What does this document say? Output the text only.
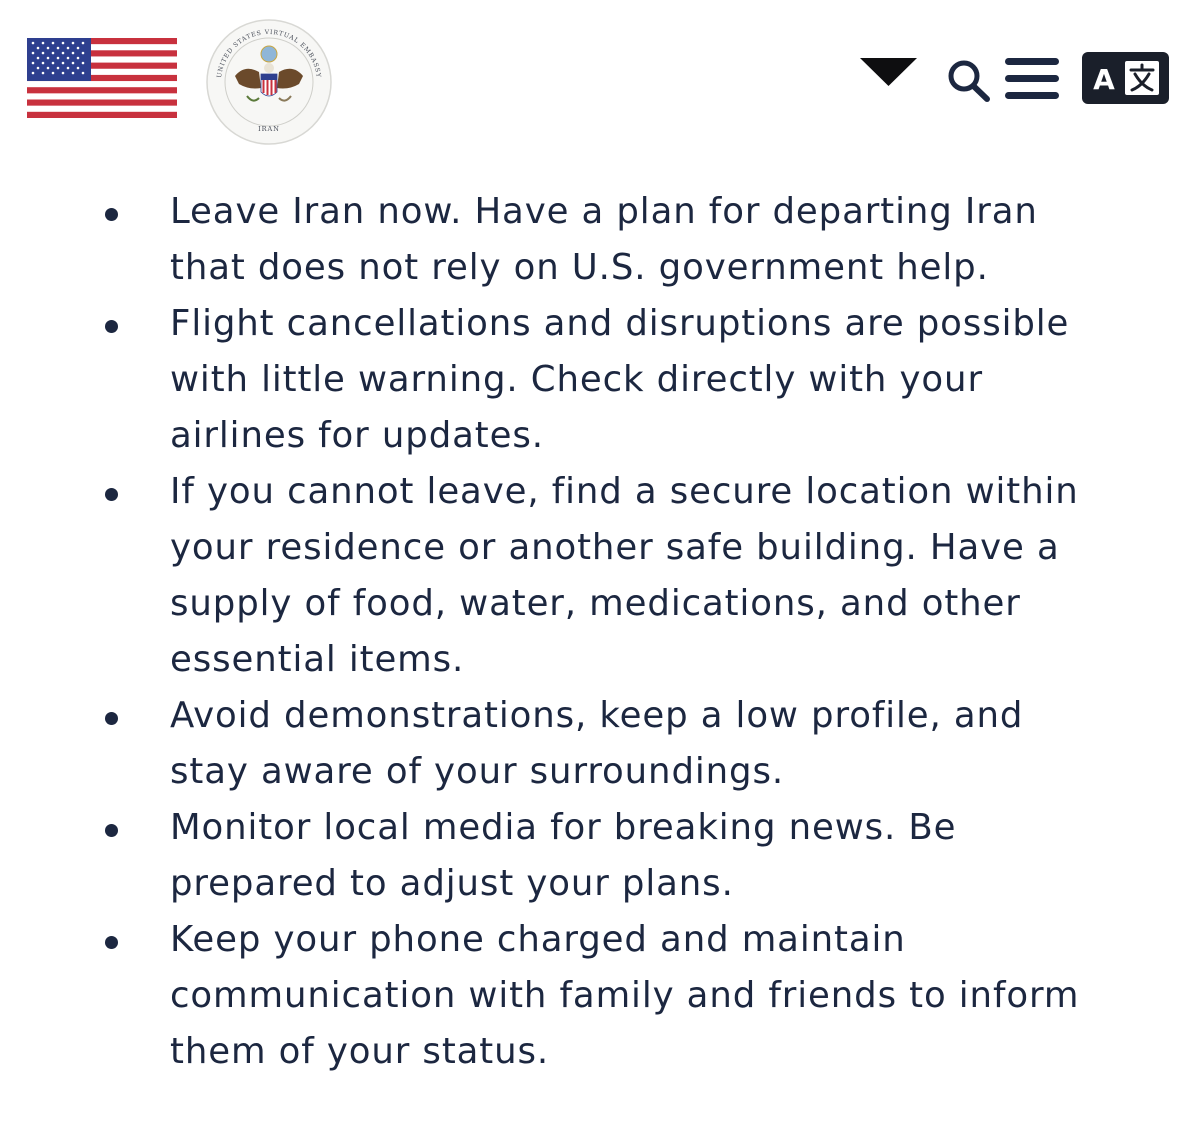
UNITED STATES VIRTUAL EMBASSY
IRAN
A
Leave Iran now. Have a plan for departing Iran that does not rely on U.S. government help.
Flight cancellations and disruptions are possible with little warning. Check directly with your airlines for updates.
If you cannot leave, find a secure location within your residence or another safe building. Have a supply of food, water, medications, and other essential items.
Avoid demonstrations, keep a low profile, and stay aware of your surroundings.
Monitor local media for breaking news. Be prepared to adjust your plans.
Keep your phone charged and maintain communication with family and friends to inform them of your status.
